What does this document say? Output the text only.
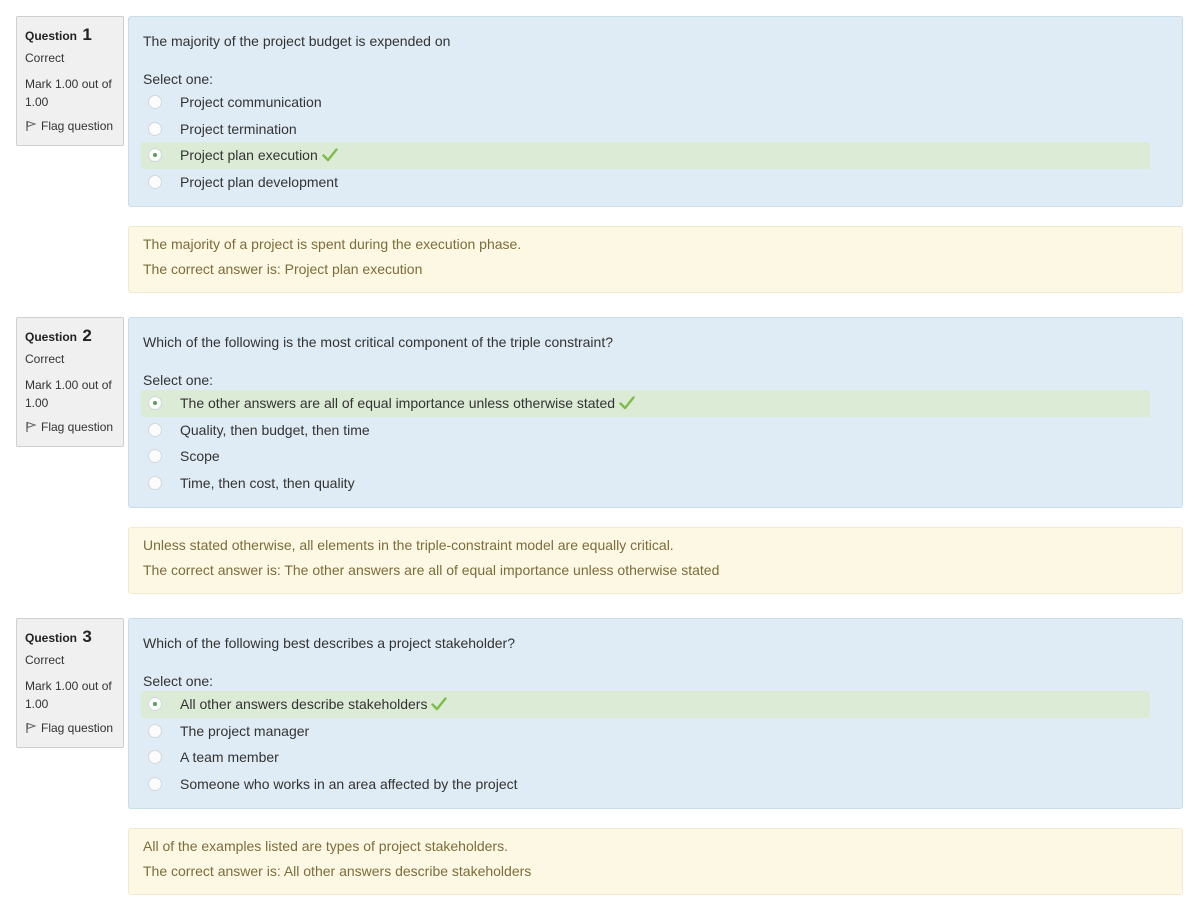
Question 1
Correct
Mark 1.00 out of
1.00
Flag question
The majority of the project budget is expended on
Select one:
Project communication
Project termination
Project plan execution
Project plan development
The majority of a project is spent during the execution phase.
The correct answer is: Project plan execution
Question 2
Correct
Mark 1.00 out of
1.00
Flag question
Which of the following is the most critical component of the triple constraint?
Select one:
The other answers are all of equal importance unless otherwise stated
Quality, then budget, then time
Scope
Time, then cost, then quality
Unless stated otherwise, all elements in the triple-constraint model are equally critical.
The correct answer is: The other answers are all of equal importance unless otherwise stated
Question 3
Correct
Mark 1.00 out of
1.00
Flag question
Which of the following best describes a project stakeholder?
Select one:
All other answers describe stakeholders
The project manager
A team member
Someone who works in an area affected by the project
All of the examples listed are types of project stakeholders.
The correct answer is: All other answers describe stakeholders
